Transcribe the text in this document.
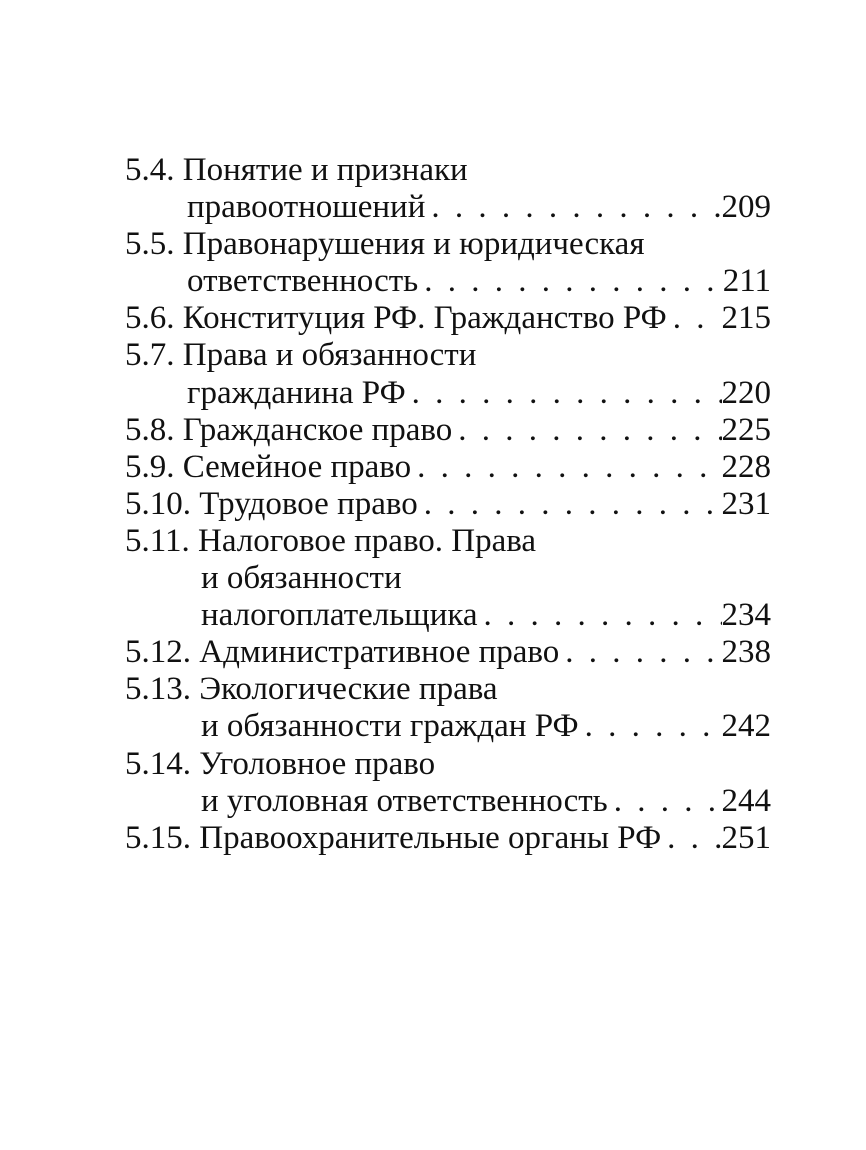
5.4. Понятие и признаки
правоотношений . . .	209
5.5. Правонарушения и юридическая
ответственность . . .	211
5.6. Конституция РФ. Гражданство РФ . . . 215
5.7. Права и обязанности
гражданина РФ . . .	220
5.8. Гражданское право . . .	225
5.9. Семейное право . . .	228
5.10. Трудовое право . . .	231
5.11. Налоговое право. Права
и обязанности
налогоплательщика . . .	234
5.12. Административное право . . .	238
5.13. Экологические права
и обязанности граждан РФ . . .	242
5.14. Уголовное право
и уголовная ответственность . . .	244
5.15. Правоохранительные органы РФ . . . 251
